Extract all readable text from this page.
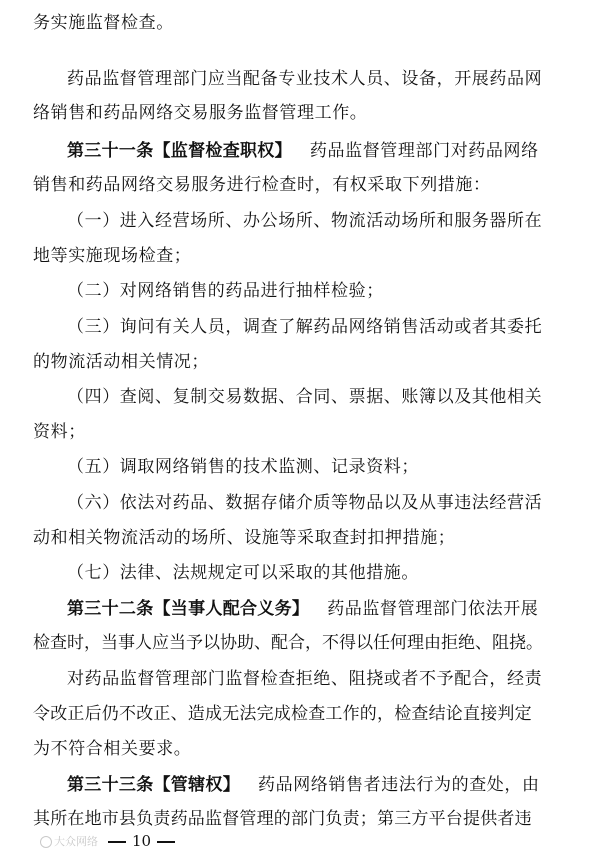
务实施监督检查。
药品监督管理部门应当配备专业技术人员、设备，开展药品网
络销售和药品网络交易服务监督管理工作。
第三十一条【监督检查职权】 药品监督管理部门对药品网络
销售和药品网络交易服务进行检查时，有权采取下列措施：
（一）进入经营场所、办公场所、物流活动场所和服务器所在
地等实施现场检查；
（二）对网络销售的药品进行抽样检验；
（三）询问有关人员，调查了解药品网络销售活动或者其委托
的物流活动相关情况；
（四）查阅、复制交易数据、合同、票据、账簿以及其他相关
资料；
（五）调取网络销售的技术监测、记录资料；
（六）依法对药品、数据存储介质等物品以及从事违法经营活
动和相关物流活动的场所、设施等采取查封扣押措施；
（七）法律、法规规定可以采取的其他措施。
第三十二条【当事人配合义务】 药品监督管理部门依法开展
检查时，当事人应当予以协助、配合，不得以任何理由拒绝、阻挠。
对药品监督管理部门监督检查拒绝、阻挠或者不予配合，经责
令改正后仍不改正、造成无法完成检查工作的，检查结论直接判定
为不符合相关要求。
第三十三条【管辖权】 药品网络销售者违法行为的查处，由
其所在地市县负责药品监督管理的部门负责；第三方平台提供者违
大众网络 10
